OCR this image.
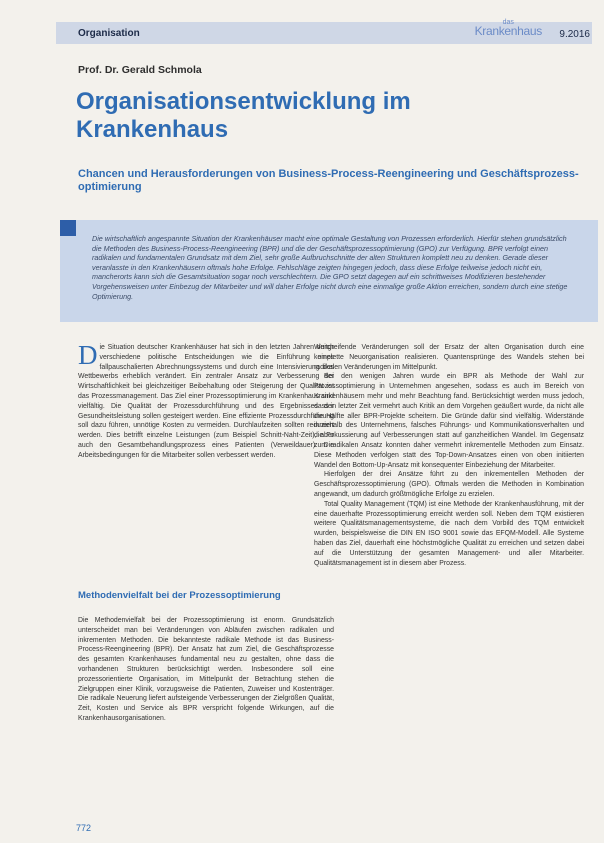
Organisation
das
Krankenhaus 9.2016
Prof. Dr. Gerald Schmola
Organisationsentwicklung im Krankenhaus
Chancen und Herausforderungen von Business-Process-Reengineering und Geschäftsprozess-optimierung

Die wirtschaftlich angespannte Situation der Krankenhäuser macht eine optimale Gestaltung von Prozessen erforderlich. Hierfür stehen grundsätzlich die Methoden des Business-Process-Reengineering (BPR) und die der Geschäftsprozessoptimierung (GPO) zur Verfügung. BPR verfolgt einen radikalen und fundamentalen Grundsatz mit dem Ziel, sehr große Aufbruchschnitte der alten Strukturen komplett neu zu denken. Gerade dieser veranlasste in den Krankenhäusern oftmals hohe Erfolge. Fehlschläge zeigten hingegen jedoch, dass diese Erfolge teilweise jedoch nicht ein, mancherorts kann sich die Gesamtsituation sogar noch verschlechtern. Die GPO setzt dagegen auf ein schrittweises Modifizieren bestehender Vorgehensweisen unter Einbezug der Mitarbeiter und will daher Erfolge nicht durch eine einmalige große Aktion erreichen, sondern durch eine stetige Optimierung.

Die Situation deutscher Krankenhäuser hat sich in den letzten Jahren durch verschiedene politische Entscheidungen wie die Einführung eines fallpauschalierten Abrechnungssystems und durch eine Intensivierung des Wettbewerbs erheblich verändert. Ein zentraler Ansatz zur Verbesserung der Wirtschaftlichkeit bei gleichzeitiger Beibehaltung oder Steigerung der Qualität ist das Prozessmanagement. Das Ziel einer Prozessoptimierung im Krankenhaus sind vielfältig. Die Qualität der Prozessdurchführung und des Ergebnisses der Gesundheitsleistung sollen gesteigert werden. Eine effiziente Prozessdurchführung soll dazu führen, unnötige Kosten zu vermeiden. Durchlaufzeiten sollten reduziert werden. Dies betrifft einzelne Leistungen (zum Beispiel Schnitt-Naht-Zeit), aber auch den Gesamtbehandlungsprozess eines Patienten (Verweildauer). Die Arbeitsbedingungen für die Mitarbeiter sollen verbessert werden.

Methodenvielfalt bei der Prozessoptimierung

Die Methodenvielfalt bei der Prozessoptimierung ist enorm. Grundsätzlich unterscheidet man bei Veränderungen von Abläufen zwischen radikalen und inkrementen Methoden. Die bekannteste radikale Methode ist das Business-Process-Reengineering (BPR). Der Ansatz hat zum Ziel, die Geschäftsprozesse des gesamten Krankenhauses fundamental neu zu gestalten, ohne dass die vorhandenen Strukturen berücksichtigt werden. Insbesondere soll eine prozessorientierte Organisation, im Mittelpunkt der Betrachtung stehen die Zielgruppen einer Klinik, vorzugsweise die Patienten, Zuweiser und Kostenträger. Die radikale Neuerung liefert aufsteigende Verbesserungen der Zielgrößen Qualität, Zeit, Kosten und Service als BPR verspricht folgende Wirkungen, auf die Krankenhausorganisationen.

Weitgreifende Veränderungen soll der Ersatz der alten Organisation durch eine komplette Neuorganisation realisieren. Quantensprünge des Wandels stehen bei radikalen Veränderungen im Mittelpunkt.

Bei den wenigen Jahren wurde ein BPR als Methode der Wahl zur Prozessoptimierung in Unternehmen angesehen, sodass es auch im Bereich von Krankenhäusern mehr und mehr Beachtung fand. Berücksichtigt werden muss jedoch, dass in letzter Zeit vermehrt auch Kritik an dem Vorgehen geäußert wurde, da nicht alle die Hälfte aller BPR-Projekte scheitern. Die Gründe dafür sind vielfältig. Widerstände innerhalb des Unternehmens, falsches Führungs- und Kommunikationsverhalten und die Fokussierung auf Verbesserungen statt auf ganzheitlichen Wandel. Im Gegensatz zum radikalen Ansatz konnten daher vermehrt inkrementelle Methoden zum Einsatz. Diese Methoden verfolgen statt des Top-Down-Ansatzes einen von oben initiierten Wandel den Bottom-Up-Ansatz mit konsequenter Einbeziehung der Mitarbeiter.

Hierfolgen der drei Ansätze führt zu den inkrementellen Methoden der Geschäftsprozessoptimierung (GPO). Oftmals werden die Methoden in Kombination angewandt, um dadurch größtmögliche Erfolge zu erzielen.

Total Quality Management (TQM) ist eine Methode der Krankenhausführung, mit der eine dauerhafte Prozessoptimierung erreicht werden soll. Neben dem TQM existieren weitere Qualitätsmanagementsysteme, die nach dem Vorbild des TQM entwickelt wurden, beispielsweise die DIN EN ISO 9001 sowie das EFQM-Modell. Alle Systeme haben das Ziel, dauerhaft eine höchstmögliche Qualität zu erreichen und setzen dabei auf die Unterstützung der gesamten Management- und aller Mitarbeiter. Qualitätsmanagement ist in diesem aber Prozess.

772
